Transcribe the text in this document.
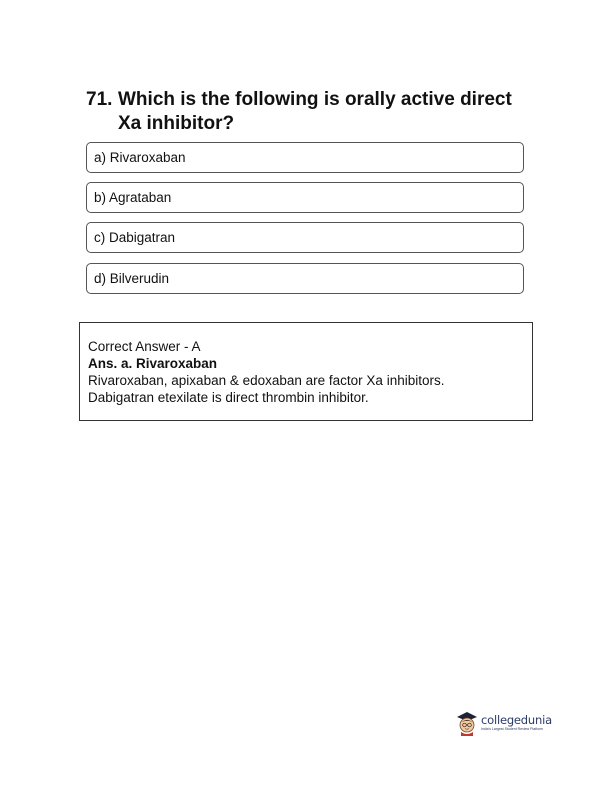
71. Which is the following is orally active direct Xa inhibitor?
a) Rivaroxaban
b) Agrataban
c) Dabigatran
d) Bilverudin
Correct Answer - A
Ans. a. Rivaroxaban
Rivaroxaban, apixaban & edoxaban are factor Xa inhibitors.
Dabigatran etexilate is direct thrombin inhibitor.
collegedunia
India's Largest Student Review Platform
